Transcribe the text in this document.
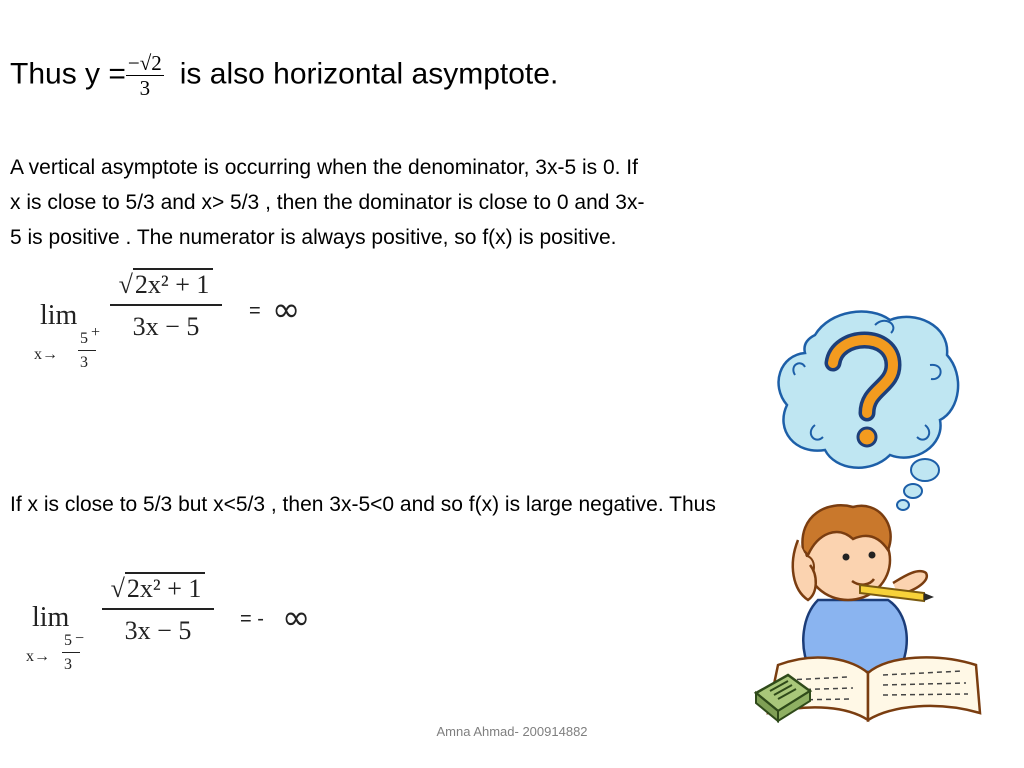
Thus $y = \frac{-√2}{3}$ is also horizontal asymptote.
A vertical asymptote is occurring when the denominator, 3x-5 is 0. If
x is close to 5/3 and x> 5/3 , then the dominator is close to 0 and 3x-
5 is positive . The numerator is always positive, so f(x) is positive.
lim
x→
5 +
3
$\frac{\text{√2x² + 1}}{3x - 5}$ = ∞
If x is close to 5/3 but x<5/3 , then 3x-5<0 and so f(x) is large negative. Thus
lim
x→
5 −
3
$\frac{\text{√2x² + 1}}{3x - 5}$ = - ∞
Amna Ahmad- 200914882
